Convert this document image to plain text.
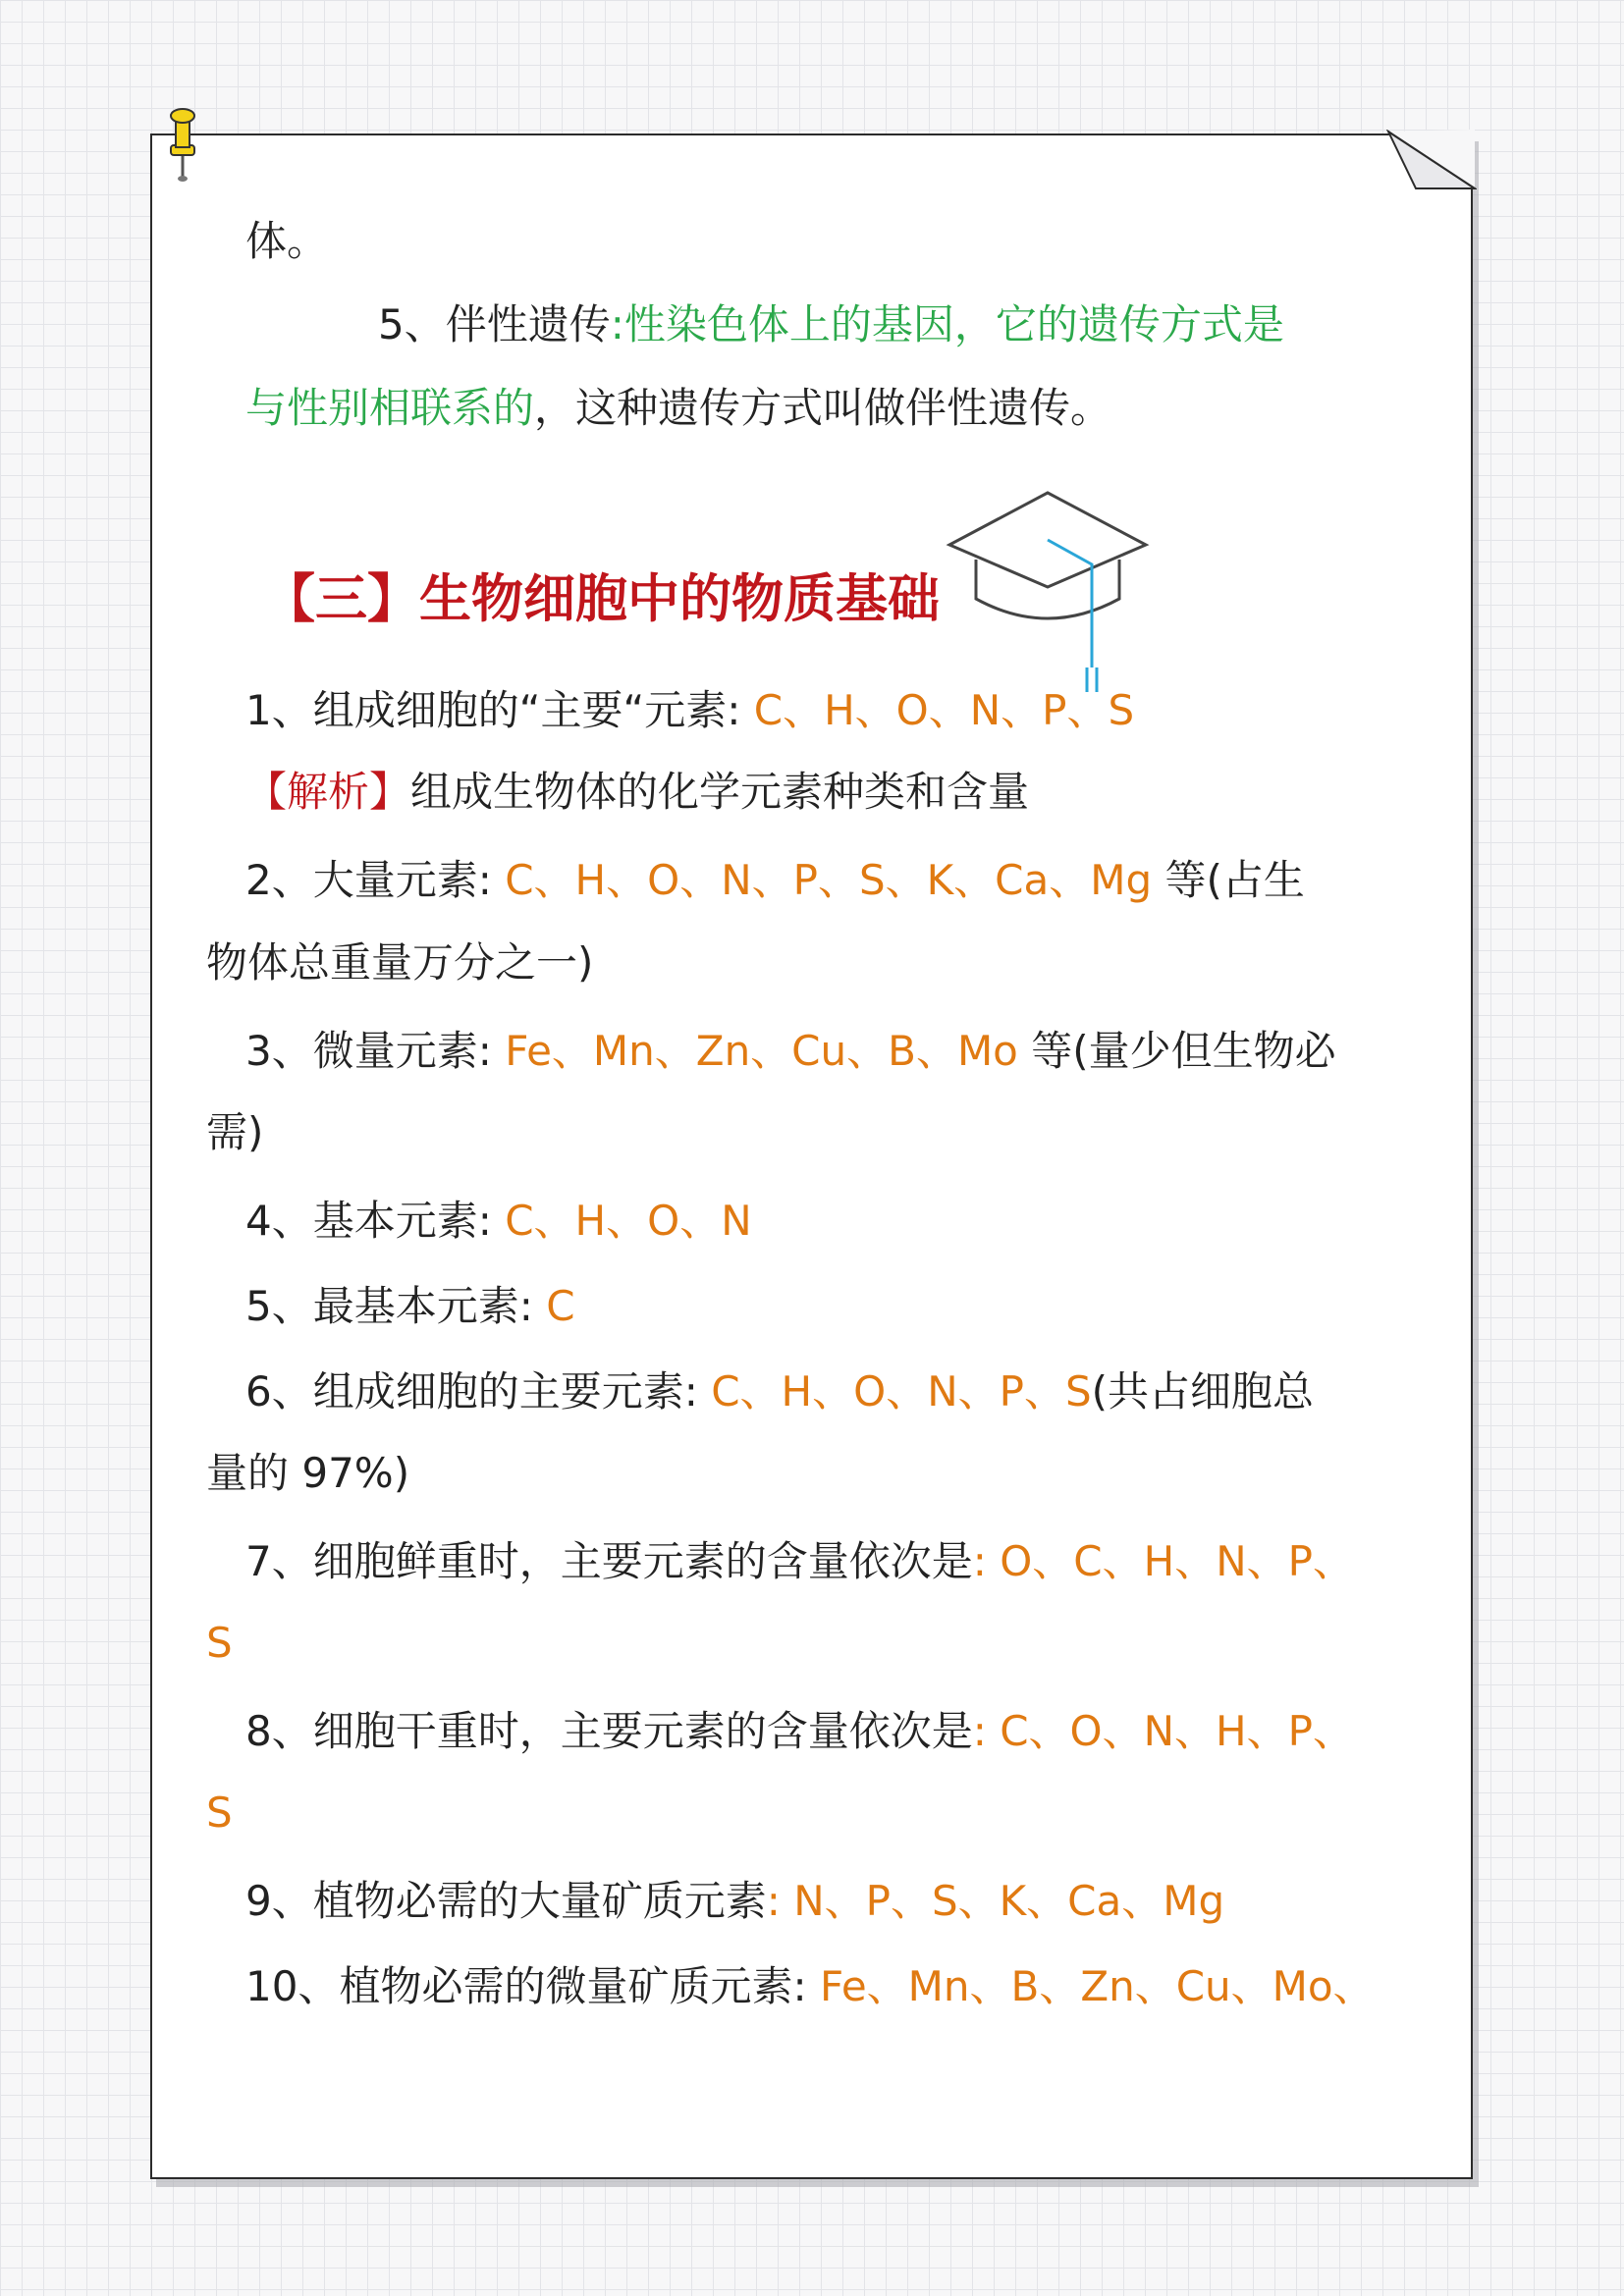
体。
5、伴性遗传:性染色体上的基因，它的遗传方式是
与性别相联系的，这种遗传方式叫做伴性遗传。
【三】生物细胞中的物质基础
1、组成细胞的“主要“元素: C、H、O、N、P、S
【解析】组成生物体的化学元素种类和含量
2、大量元素: C、H、O、N、P、S、K、Ca、Mg 等(占生
物体总重量万分之一)
3、微量元素: Fe、Mn、Zn、Cu、B、Mo 等(量少但生物必
需)
4、基本元素: C、H、O、N
5、最基本元素: C
6、组成细胞的主要元素: C、H、O、N、P、S(共占细胞总
量的 97%)
7、细胞鲜重时，主要元素的含量依次是: O、C、H、N、P、
S
8、细胞干重时，主要元素的含量依次是: C、O、N、H、P、
S
9、植物必需的大量矿质元素: N、P、S、K、Ca、Mg
10、植物必需的微量矿质元素: Fe、Mn、B、Zn、Cu、Mo、
